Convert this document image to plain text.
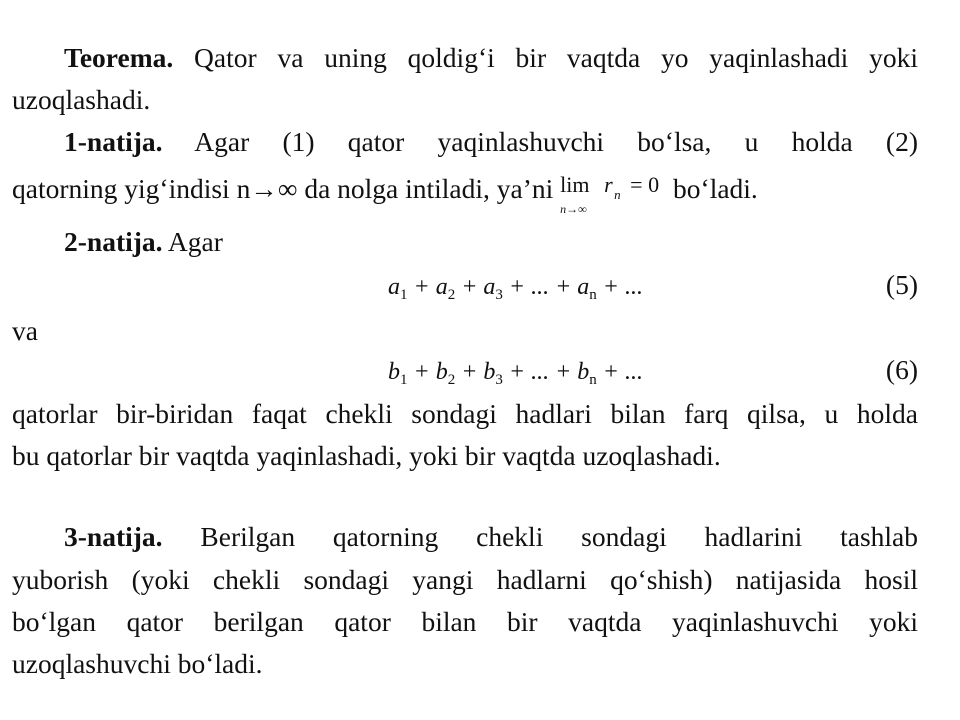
Teorema. Qator va uning qoldig‘i bir vaqtda yo yaqinlashadi yoki
uzoqlashadi.
1-natija. Agar (1) qator yaqinlashuvchi bo‘lsa, u holda (2)
qatorning yig‘indisi n→∞ da nolga intiladi, ya’ni lim r n = 0
n→∞
bo‘ladi.
2-natija. Agar
$a_1 + a_2 + a_3$ + ... + $a_n$ + ...	(5)
va
$b_1 + b_2 + b_3$ + ... + $b_n$ + ...	(6)
qatorlar bir-biridan faqat chekli sondagi hadlari bilan farq qilsa, u holda
bu qatorlar bir vaqtda yaqinlashadi, yoki bir vaqtda uzoqlashadi.
3-natija. Berilgan qatorning chekli sondagi hadlarini tashlab
yuborish (yoki chekli sondagi yangi hadlarni qo‘shish) natijasida hosil
bo‘lgan qator berilgan qator bilan bir vaqtda yaqinlashuvchi yoki
uzoqlashuvchi bo‘ladi.
